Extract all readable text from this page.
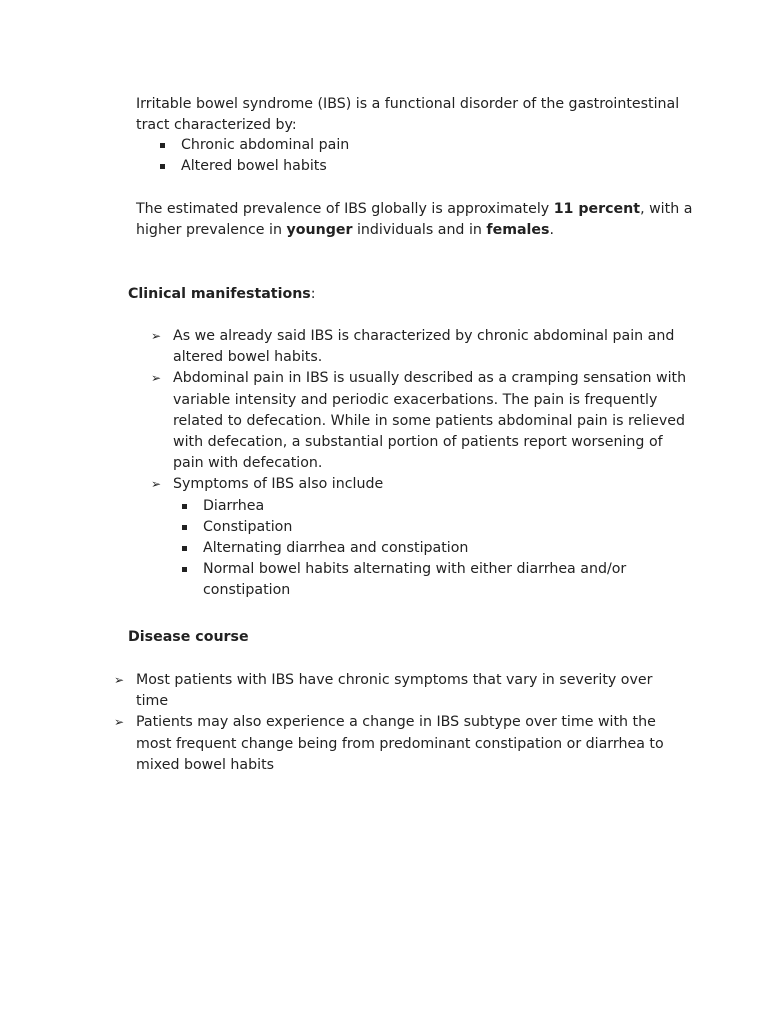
Irritable bowel syndrome (IBS) is a functional disorder of the gastrointestinal tract characterized by:
Chronic abdominal pain
Altered bowel habits
The estimated prevalence of IBS globally is approximately 11 percent, with a higher prevalence in younger individuals and in females.
Clinical manifestations:
➢ As we already said IBS is characterized by chronic abdominal pain and altered bowel habits.
➢ Abdominal pain in IBS is usually described as a cramping sensation with variable intensity and periodic exacerbations. The pain is frequently related to defecation. While in some patients abdominal pain is relieved with defecation, a substantial portion of patients report worsening of pain with defecation.
➢ Symptoms of IBS also include
Diarrhea
Constipation
Alternating diarrhea and constipation
Normal bowel habits alternating with either diarrhea and/or constipation
Disease course
➢ Most patients with IBS have chronic symptoms that vary in severity over time
➢ Patients may also experience a change in IBS subtype over time with the most frequent change being from predominant constipation or diarrhea to mixed bowel habits
